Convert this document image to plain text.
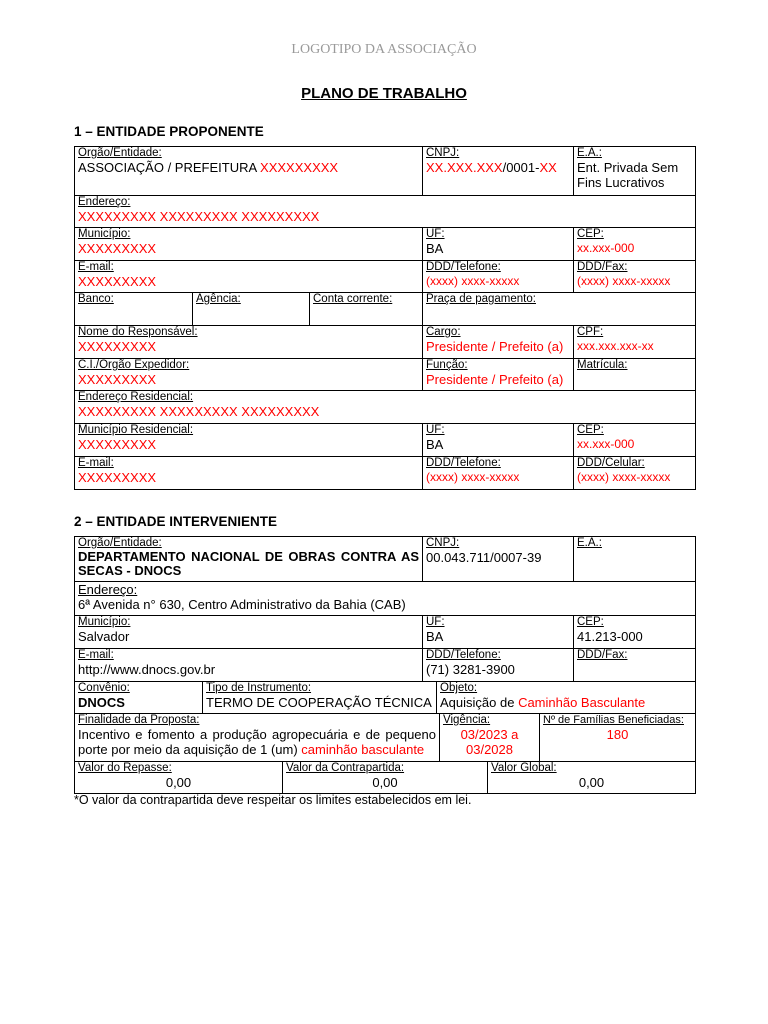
LOGOTIPO DA ASSOCIAÇÃO
PLANO DE TRABALHO
1 – ENTIDADE PROPONENTE
Orgão/Entidade:
ASSOCIAÇÃO / PREFEITURA XXXXXXXXX
CNPJ:
XX.XXX.XXX/0001-XX
E.A.:
Ent. Privada Sem Fins Lucrativos
Endereço:
XXXXXXXXX XXXXXXXXX XXXXXXXXX
Município:
XXXXXXXXX
UF:
BA
CEP:
xx.xxx-000
E-mail:
XXXXXXXXX
DDD/Telefone:
(xxxx) xxxx-xxxxx
DDD/Fax:
(xxxx) xxxx-xxxxx
Banco:	Agência:	Conta corrente:	Praça de pagamento:
Nome do Responsável:
XXXXXXXXX
Cargo:
Presidente / Prefeito (a)
CPF:
xxx.xxx.xxx-xx
C.I./Órgão Expedidor:
XXXXXXXXX
Função:
Presidente / Prefeito (a)
Matrícula:
Endereço Residencial:
XXXXXXXXX XXXXXXXXX XXXXXXXXX
Município Residencial:
XXXXXXXXX
UF:
BA
CEP:
xx.xxx-000
E-mail:
XXXXXXXXX
DDD/Telefone:
(xxxx) xxxx-xxxxx
DDD/Celular:
(xxxx) xxxx-xxxxx
2 – ENTIDADE INTERVENIENTE
Orgão/Entidade:
DEPARTAMENTO NACIONAL DE OBRAS CONTRA AS SECAS - DNOCS
CNPJ:
00.043.711/0007-39
E.A.:
Endereço:
6ª Avenida n° 630, Centro Administrativo da Bahia (CAB)
Município:
Salvador
UF:
BA
CEP:
41.213-000
E-mail:
http://www.dnocs.gov.br
DDD/Telefone:
(71) 3281-3900
DDD/Fax:
Convênio:
DNOCS
Tipo de Instrumento:
TERMO DE COOPERAÇÃO TÉCNICA
Objeto:
Aquisição de Caminhão Basculante
Finalidade da Proposta:
Incentivo e fomento a produção agropecuária e de pequeno porte por meio da aquisição de 1 (um) caminhão basculante
Vigência:
03/2023 a 03/2028
Nº de Famílias Beneficiadas:
180
Valor do Repasse:
0,00
Valor da Contrapartida:
0,00
Valor Global:
0,00
*O valor da contrapartida deve respeitar os limites estabelecidos em lei.
